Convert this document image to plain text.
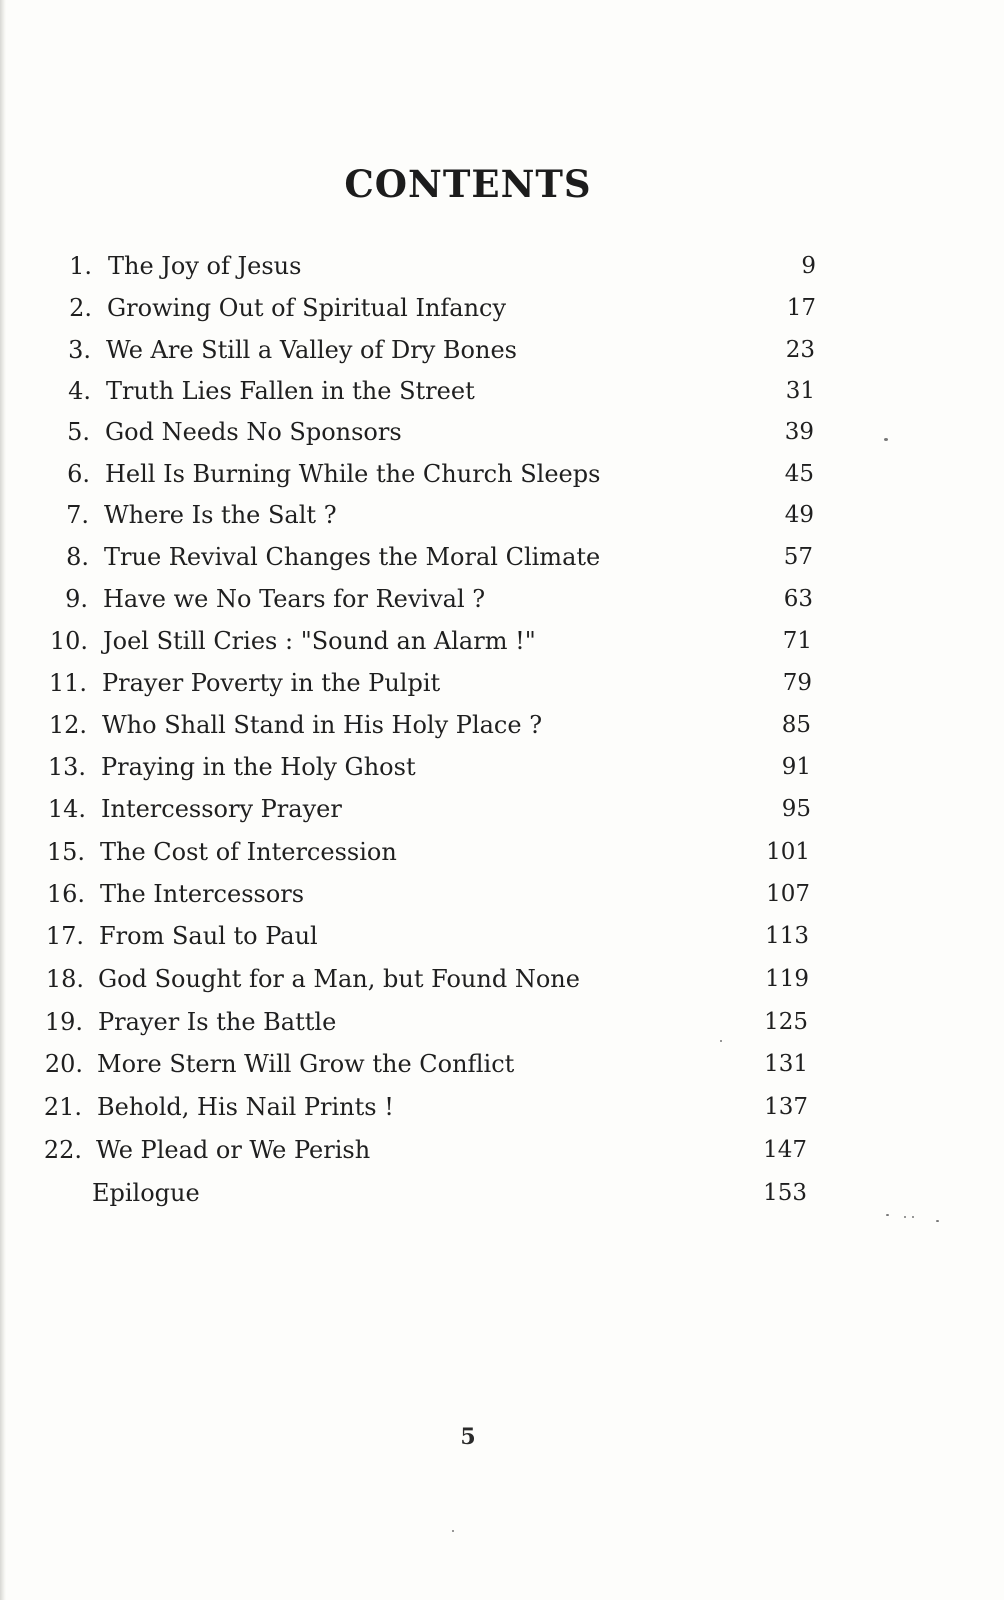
CONTENTS
1. The Joy of Jesus	9
2. Growing Out of Spiritual Infancy	17
3. We Are Still a Valley of Dry Bones	23
4. Truth Lies Fallen in the Street	31
5. God Needs No Sponsors	39
6. Hell Is Burning While the Church Sleeps	45
7. Where Is the Salt ?	49
8. True Revival Changes the Moral Climate	57
9. Have we No Tears for Revival ?	63
10. Joel Still Cries : "Sound an Alarm !"	71
11. Prayer Poverty in the Pulpit	79
12. Who Shall Stand in His Holy Place ?	85
13. Praying in the Holy Ghost	91
14. Intercessory Prayer	95
15. The Cost of Intercession	101
16. The Intercessors	107
17. From Saul to Paul	113
18. God Sought for a Man, but Found None	119
19. Prayer Is the Battle	125
20. More Stern Will Grow the Conflict	131
21. Behold, His Nail Prints !	137
22. We Plead or We Perish	147
Epilogue	153
5
